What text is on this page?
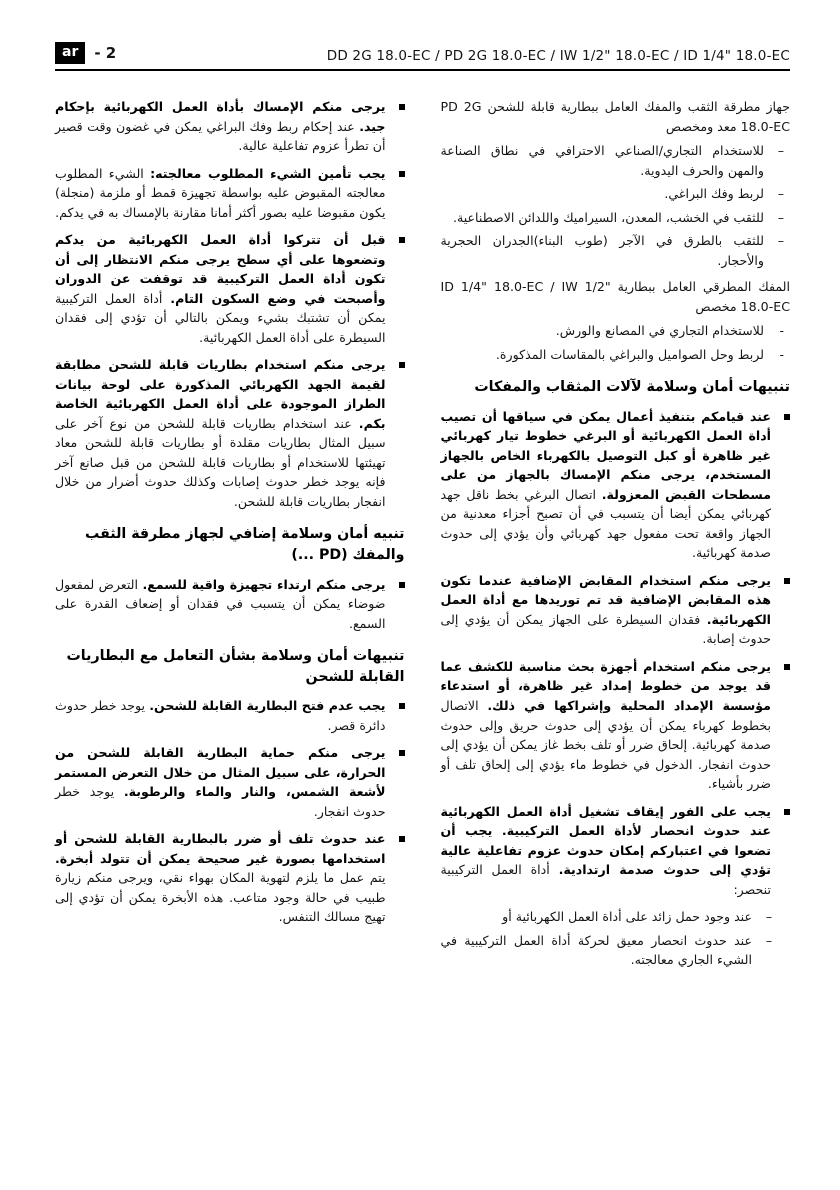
ar	- 2	DD 2G 18.0-EC / PD 2G 18.0-EC / IW 1/2" 18.0-EC / ID 1/4" 18.0-EC

جهاز مطرقة الثقب والمفك العامل ببطارية قابلة للشحن PD 2G 18.0-EC معد ومخصص

–

للاستخدام التجاري/الصناعي الاحترافي في نطاق الصناعة والمهن والحرف اليدوية.

–

لربط وفك البراغي.

–

للثقب في الخشب، المعدن، السيراميك واللدائن الاصطناعية.

–

للثقب بالطرق في الآجر (طوب البناء)الجدران الحجرية والأحجار.

المفك المطرقي العامل ببطارية ID 1/4" 18.0-EC / IW 1/2" 18.0-EC مخصص

-

للاستخدام التجاري في المصانع والورش.

-

لربط وحل الصواميل والبراغي بالمقاسات المذكورة.

تنبيهات أمان وسلامة لآلات المثقاب والمفكات

عند قيامكم بتنفيذ أعمال يمكن في سياقها أن تصيب أداة العمل الكهربائية أو البرغي خطوط تيار كهربائي غير ظاهرة أو كبل التوصيل بالكهرباء الخاص بالجهاز المستخدم، يرجى منكم الإمساك بالجهاز من على مسطحات القبض المعزولة. اتصال البرغي بخط ناقل جهد كهربائي يمكن أيضا أن يتسبب في أن تصبح أجزاء معدنية من الجهاز واقعة تحت مفعول جهد كهربائي وأن يؤدي إلى حدوث صدمة كهربائية.

يرجى منكم استخدام المقابض الإضافية عندما تكون هذه المقابض الإضافية قد تم توريدها مع أداة العمل الكهربائية. فقدان السيطرة على الجهاز يمكن أن يؤدي إلى حدوث إصابة.

يرجى منكم استخدام أجهزة بحث مناسبة للكشف عما قد يوجد من خطوط إمداد غير ظاهرة، أو استدعاء مؤسسة الإمداد المحلية وإشراكها في ذلك. الاتصال بخطوط كهرباء يمكن أن يؤدي إلى حدوث حريق وإلى حدوث صدمة كهربائية. إلحاق ضرر أو تلف بخط غاز يمكن أن يؤدي إلى حدوث انفجار. الدخول في خطوط ماء يؤدي إلى إلحاق تلف أو ضرر بأشياء.

يجب على الفور إيقاف تشغيل أداة العمل الكهربائية عند حدوث انحصار لأداة العمل التركيبية. يجب أن تضعوا في اعتباركم إمكان حدوث عزوم تفاعلية عالية تؤدي إلى حدوث صدمة ارتدادية. أداة العمل التركيبية تنحصر:

–

عند وجود حمل زائد على أداة العمل الكهربائية أو

–

عند حدوث انحصار معيق لحركة أداة العمل التركيبية في الشيء الجاري معالجته.

يرجى منكم الإمساك بأداة العمل الكهربائية بإحكام جيد. عند إحكام ربط وفك البراغي يمكن في غضون وقت قصير أن تطرأ عزوم تفاعلية عالية.

يجب تأمين الشيء المطلوب معالجته: الشيء المطلوب معالجته المقبوض عليه بواسطة تجهيزة قمط أو ملزمة (منجلة) يكون مقبوضا عليه بصور أكثر أمانا مقارنة بالإمساك به في يدكم.

قبل أن تتركوا أداة العمل الكهربائية من يدكم وتضعوها على أي سطح يرجى منكم الانتظار إلى أن تكون أداة العمل التركيبية قد توقفت عن الدوران وأصبحت في وضع السكون التام. أداة العمل التركيبية يمكن أن تشتبك بشيء ويمكن بالتالي أن تؤدي إلى فقدان السيطرة على أداة العمل الكهربائية.

يرجى منكم استخدام بطاريات قابلة للشحن مطابقة لقيمة الجهد الكهربائي المذكورة على لوحة بيانات الطراز الموجودة على أداة العمل الكهربائية الخاصة بكم. عند استخدام بطاريات قابلة للشحن من نوع آخر على سبيل المثال بطاريات مقلدة أو بطاريات قابلة للشحن معاد تهيئتها للاستخدام أو بطاريات قابلة للشحن من قبل صانع آخر فإنه يوجد خطر حدوث إصابات وكذلك حدوث أضرار من خلال انفجار بطاريات قابلة للشحن.

تنبيه أمان وسلامة إضافي لجهاز مطرقة الثقب والمفك (PD ...)

يرجى منكم ارتداء تجهيزة واقية للسمع. التعرض لمفعول ضوضاء يمكن أن يتسبب في فقدان أو إضعاف القدرة على السمع.

تنبيهات أمان وسلامة بشأن التعامل مع البطاريات القابلة للشحن

يجب عدم فتح البطارية القابلة للشحن. يوجد خطر حدوث دائرة قصر.

يرجى منكم حماية البطارية القابلة للشحن من الحرارة، على سبيل المثال من خلال التعرض المستمر لأشعة الشمس، والنار والماء والرطوبة. يوجد خطر حدوث انفجار.

عند حدوث تلف أو ضرر بالبطارية القابلة للشحن أو استخدامها بصورة غير صحيحة يمكن أن تتولد أبخرة. يتم عمل ما يلزم لتهوية المكان بهواء نقي، ويرجى منكم زيارة طبيب في حالة وجود متاعب. هذه الأبخرة يمكن أن تؤدي إلى تهيج مسالك التنفس.
